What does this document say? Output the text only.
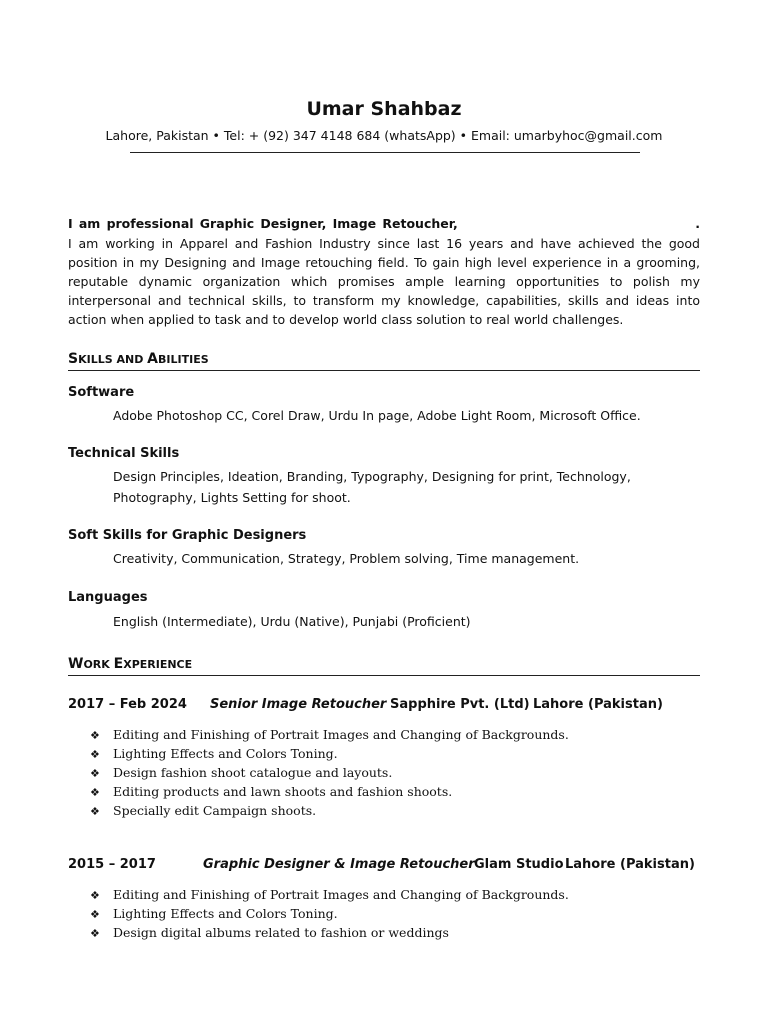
Umar Shahbaz
Lahore, Pakistan • Tel: + (92) 347 4148 684 (whatsApp) • Email: umarbyhoc@gmail.com
I am professional Graphic Designer, Image Retoucher,	.
I am working in Apparel and Fashion Industry since last 16 years and have achieved the good position in my Designing and Image retouching field. To gain high level experience in a grooming, reputable dynamic organization which promises ample learning opportunities to polish my interpersonal and technical skills, to transform my knowledge, capabilities, skills and ideas into action when applied to task and to develop world class solution to real world challenges.
SKILLS AND ABILITIES
Software
Adobe Photoshop CC, Corel Draw, Urdu In page, Adobe Light Room, Microsoft Office.
Technical Skills
Design Principles, Ideation, Branding, Typography, Designing for print, Technology, Photography, Lights Setting for shoot.
Soft Skills for Graphic Designers
Creativity, Communication, Strategy, Problem solving, Time management.
Languages
English (Intermediate), Urdu (Native), Punjabi (Proficient)
WORK EXPERIENCE
2017 – Feb 2024 Senior Image Retoucher Sapphire Pvt. (Ltd) Lahore (Pakistan)
❖	Editing and Finishing of Portrait Images and Changing of Backgrounds.
❖	Lighting Effects and Colors Toning.
❖	Design fashion shoot catalogue and layouts.
❖	Editing products and lawn shoots and fashion shoots.
❖	Specially edit Campaign shoots.
2015 – 2017	Graphic Designer & Image Retoucher Glam Studio Lahore (Pakistan)
❖	Editing and Finishing of Portrait Images and Changing of Backgrounds.
❖	Lighting Effects and Colors Toning.
❖	Design digital albums related to fashion or weddings
